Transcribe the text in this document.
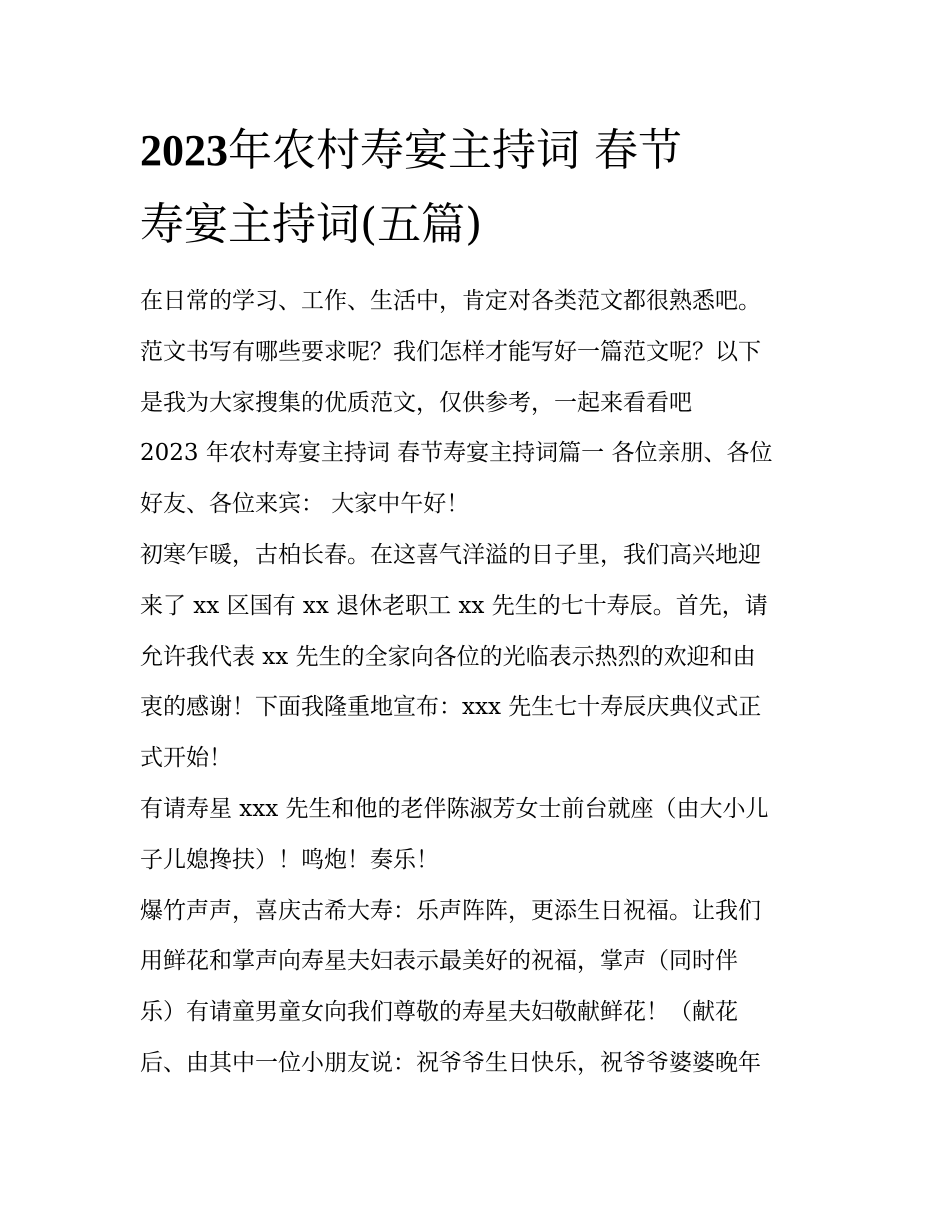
2023年农村寿宴主持词 春节
寿宴主持词(五篇)
在日常的学习、工作、生活中，肯定对各类范文都很熟悉吧。
范文书写有哪些要求呢？我们怎样才能写好一篇范文呢？以下
是我为大家搜集的优质范文，仅供参考，一起来看看吧
2023 年农村寿宴主持词 春节寿宴主持词篇一 各位亲朋、各位
好友、各位来宾： 大家中午好！
初寒乍暖，古柏长春。在这喜气洋溢的日子里，我们高兴地迎
来了 xx 区国有 xx 退休老职工 xx 先生的七十寿辰。首先，请
允许我代表 xx 先生的全家向各位的光临表示热烈的欢迎和由
衷的感谢！下面我隆重地宣布：xxx 先生七十寿辰庆典仪式正
式开始！
有请寿星 xxx 先生和他的老伴陈淑芳女士前台就座（由大小儿
子儿媳搀扶）！鸣炮！奏乐！
爆竹声声，喜庆古希大寿：乐声阵阵，更添生日祝福。让我们
用鲜花和掌声向寿星夫妇表示最美好的祝福，掌声（同时伴
乐）有请童男童女向我们尊敬的寿星夫妇敬献鲜花！（献花
后、由其中一位小朋友说：祝爷爷生日快乐，祝爷爷婆婆晚年
